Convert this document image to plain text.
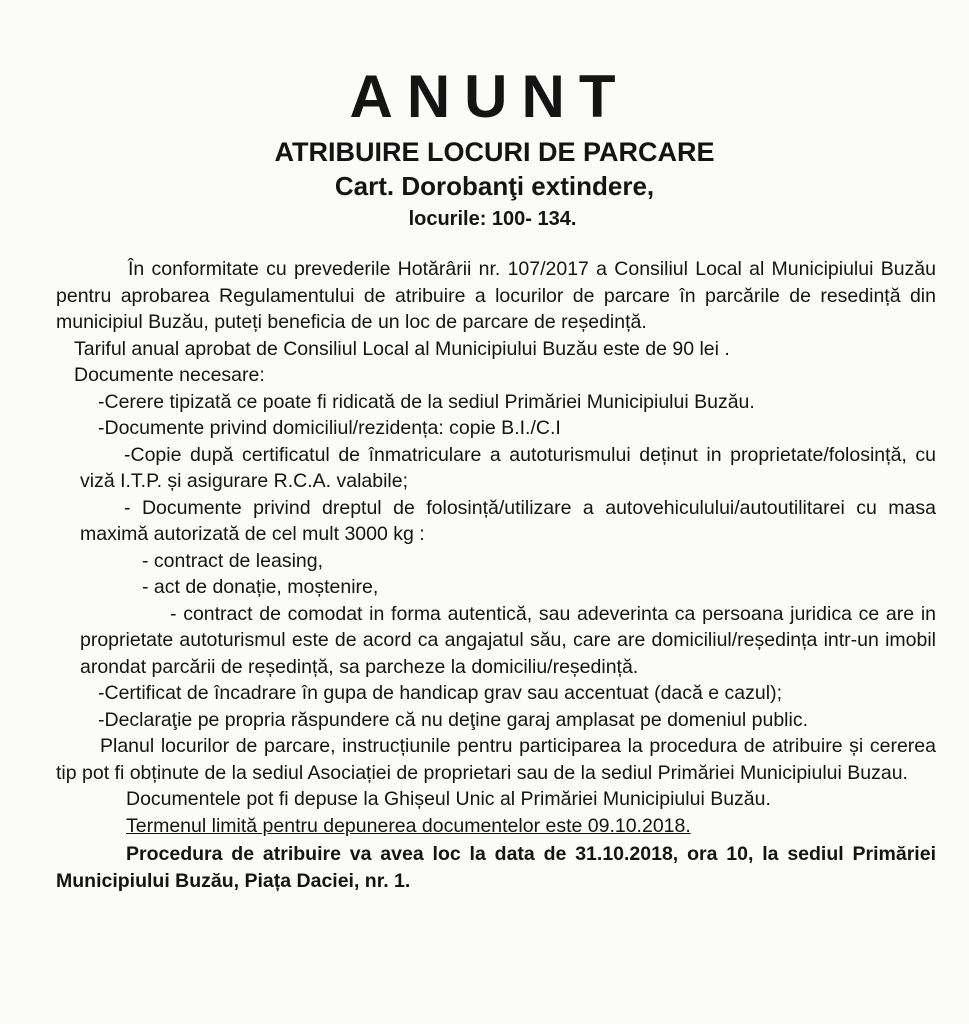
ANUNT
ATRIBUIRE LOCURI DE PARCARE
Cart. Dorobanţi extindere,
locurile: 100- 134.

În conformitate cu prevederile Hotărârii nr. 107/2017 a Consiliul Local al Municipiului Buzău pentru aprobarea Regulamentului de atribuire a locurilor de parcare în parcările de resedință din municipiul Buzău, puteți beneficia de un loc de parcare de reședință.

Tariful anual aprobat de Consiliul Local al Municipiului Buzău este de 90 lei .

Documente necesare:

-Cerere tipizată ce poate fi ridicată de la sediul Primăriei Municipiului Buzău.

-Documente privind domiciliul/rezidența: copie B.I./C.I

-Copie după certificatul de înmatriculare a autoturismului deținut in proprietate/folosință, cu viză I.T.P. și asigurare R.C.A. valabile;

- Documente privind dreptul de folosință/utilizare a autovehiculului/autoutilitarei cu masa maximă autorizată de cel mult 3000 kg :

- contract de leasing,

- act de donație, moștenire,

- contract de comodat in forma autentică, sau adeverinta ca persoana juridica ce are in proprietate autoturismul este de acord ca angajatul său, care are domiciliul/reședința intr-un imobil arondat parcării de reședință, sa parcheze la domiciliu/reședință.

-Certificat de încadrare în gupa de handicap grav sau accentuat (dacă e cazul);

-Declaraţie pe propria răspundere că nu deţine garaj amplasat pe domeniul public.

Planul locurilor de parcare, instrucțiunile pentru participarea la procedura de atribuire și cererea tip pot fi obținute de la sediul Asociației de proprietari sau de la sediul Primăriei Municipiului Buzau.

Documentele pot fi depuse la Ghișeul Unic al Primăriei Municipiului Buzău.

Termenul limită pentru depunerea documentelor este 09.10.2018.

Procedura de atribuire va avea loc la data de 31.10.2018, ora 10, la sediul Primăriei Municipiului Buzău, Piața Daciei, nr. 1.
